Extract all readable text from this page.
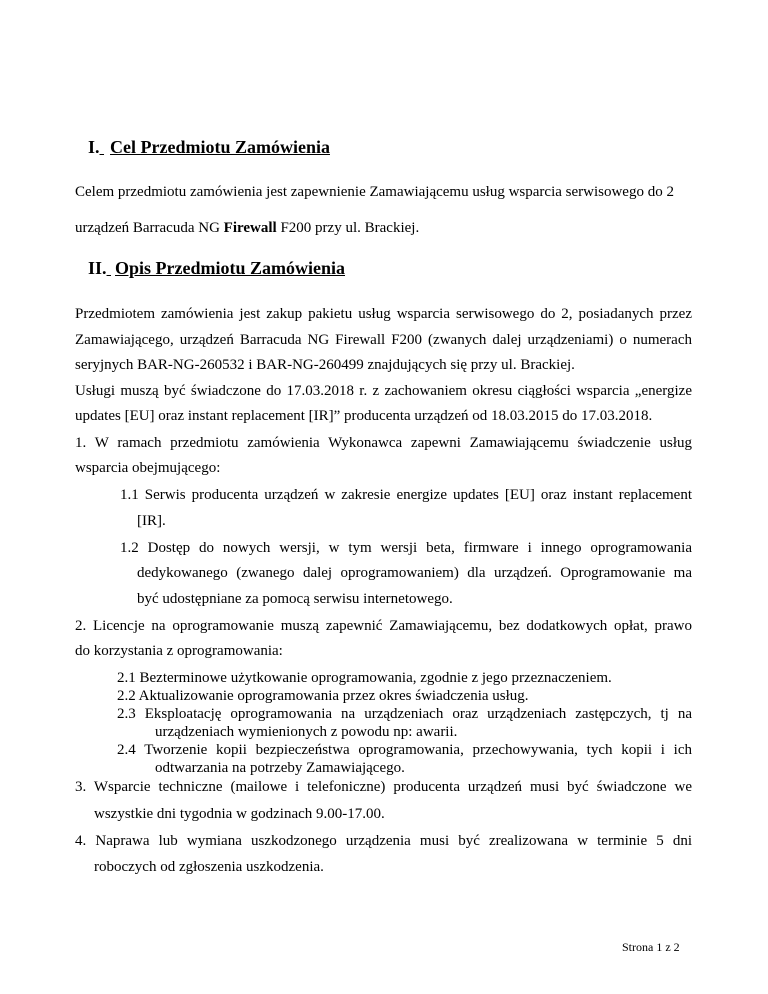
I. Cel Przedmiotu Zamówienia
Celem przedmiotu zamówienia jest zapewnienie Zamawiającemu usług wsparcia serwisowego do 2
urządzeń Barracuda NG Firewall F200 przy ul. Brackiej.
II. Opis Przedmiotu Zamówienia
Przedmiotem zamówienia jest zakup pakietu usług wsparcia serwisowego do 2, posiadanych przez
Zamawiającego, urządzeń Barracuda NG Firewall F200 (zwanych dalej urządzeniami) o numerach
seryjnych BAR-NG-260532 i BAR-NG-260499 znajdujących się przy ul. Brackiej.
Usługi muszą być świadczone do 17.03.2018 r. z zachowaniem okresu ciągłości wsparcia „energize
updates [EU] oraz instant replacement [IR]” producenta urządzeń od 18.03.2015 do 17.03.2018.
1. W ramach przedmiotu zamówienia Wykonawca zapewni Zamawiającemu świadczenie usług
wsparcia obejmującego:
1.1 Serwis producenta urządzeń w zakresie energize updates [EU] oraz instant replacement
[IR].
1.2 Dostęp do nowych wersji, w tym wersji beta, firmware i innego oprogramowania
dedykowanego (zwanego dalej oprogramowaniem) dla urządzeń. Oprogramowanie ma
być udostępniane za pomocą serwisu internetowego.
2. Licencje na oprogramowanie muszą zapewnić Zamawiającemu, bez dodatkowych opłat, prawo
do korzystania z oprogramowania:
2.1 Bezterminowe użytkowanie oprogramowania, zgodnie z jego przeznaczeniem.
2.2 Aktualizowanie oprogramowania przez okres świadczenia usług.
2.3 Eksploatację oprogramowania na urządzeniach oraz urządzeniach zastępczych, tj na
urządzeniach wymienionych z powodu np: awarii.
2.4 Tworzenie kopii bezpieczeństwa oprogramowania, przechowywania, tych kopii i ich
odtwarzania na potrzeby Zamawiającego.
3. Wsparcie techniczne (mailowe i telefoniczne) producenta urządzeń musi być świadczone we
wszystkie dni tygodnia w godzinach 9.00-17.00.
4. Naprawa lub wymiana uszkodzonego urządzenia musi być zrealizowana w terminie 5 dni
roboczych od zgłoszenia uszkodzenia.
Strona 1 z 2
